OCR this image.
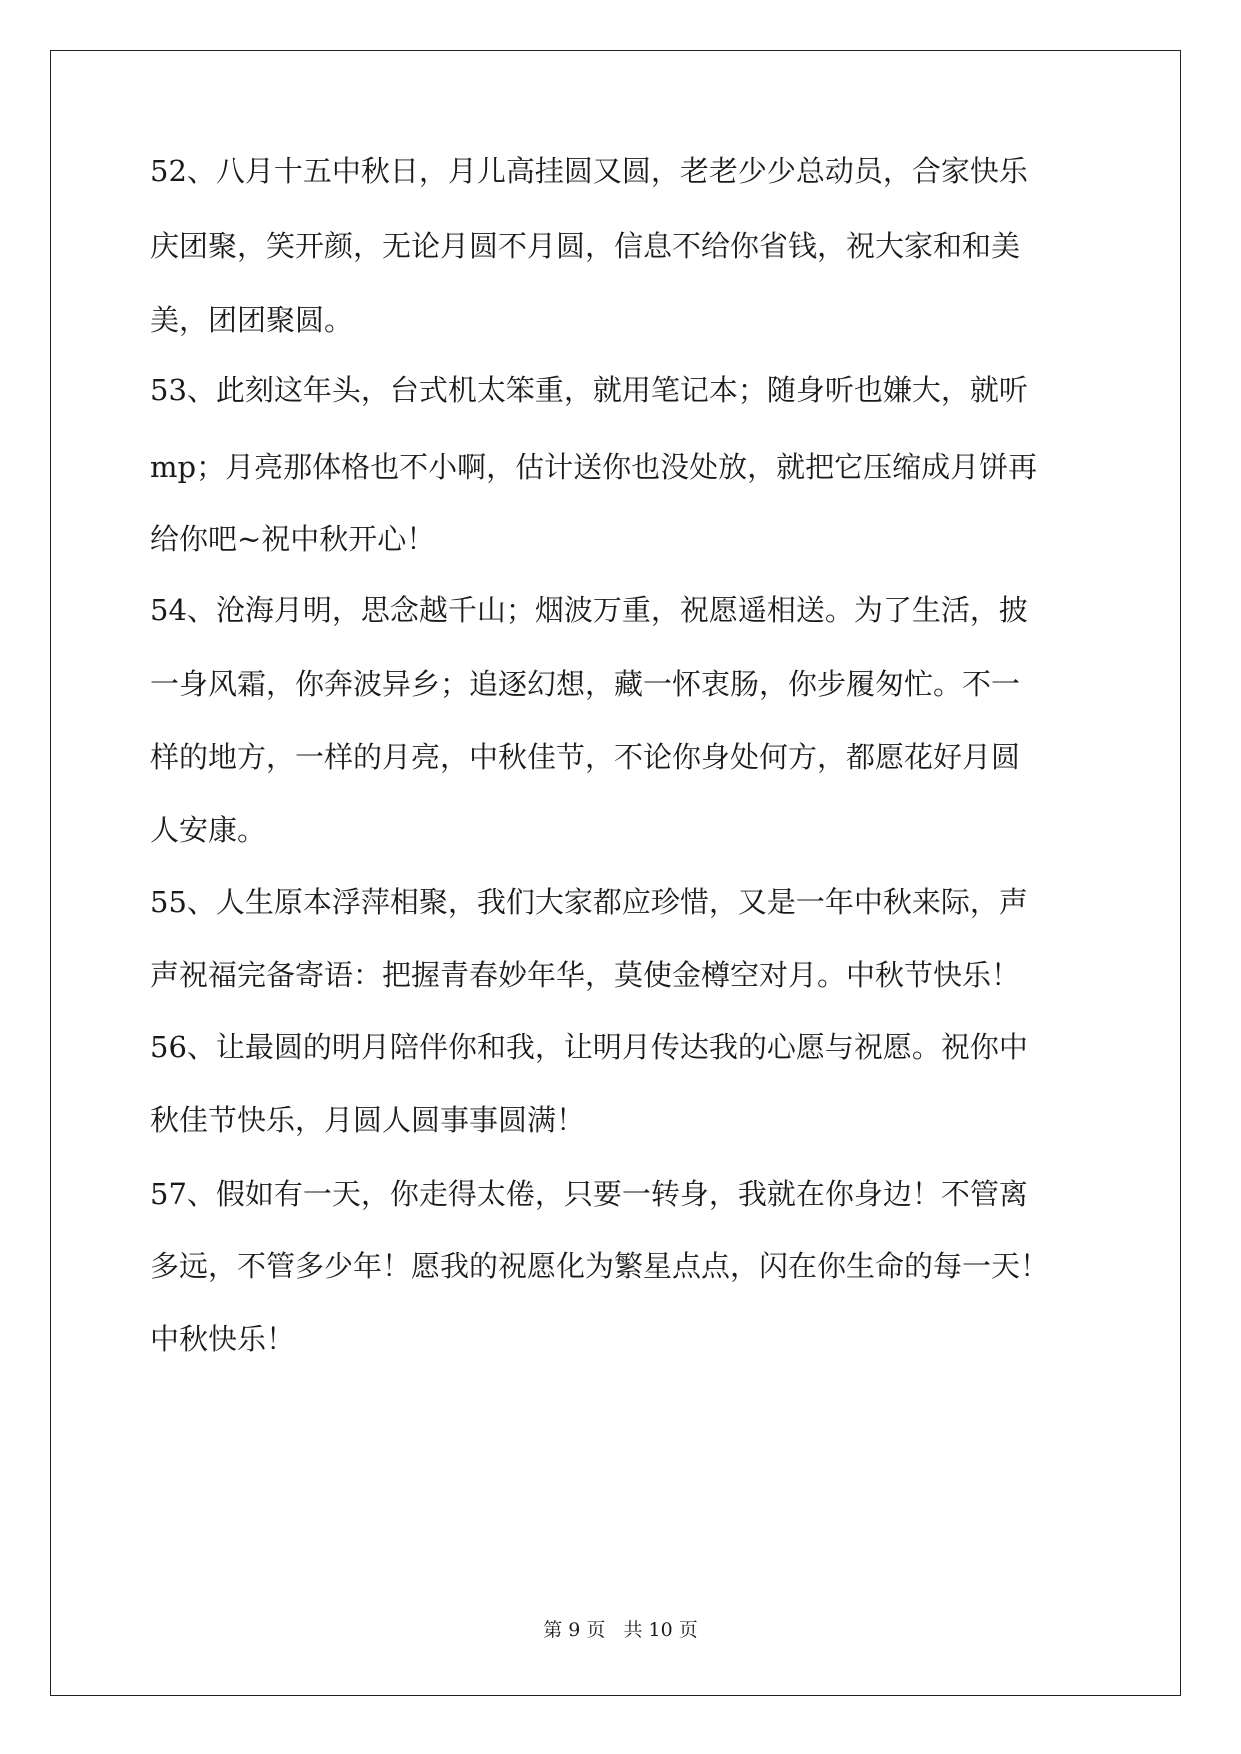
52、八月十五中秋日，月儿高挂圆又圆，老老少少总动员，合家快乐
庆团聚，笑开颜，无论月圆不月圆，信息不给你省钱，祝大家和和美
美，团团聚圆。
53、此刻这年头，台式机太笨重，就用笔记本；随身听也嫌大，就听
mp；月亮那体格也不小啊，估计送你也没处放，就把它压缩成月饼再
给你吧~祝中秋开心！
54、沧海月明，思念越千山；烟波万重，祝愿遥相送。为了生活，披
一身风霜，你奔波异乡；追逐幻想，藏一怀衷肠，你步履匆忙。不一
样的地方，一样的月亮，中秋佳节，不论你身处何方，都愿花好月圆
人安康。
55、人生原本浮萍相聚，我们大家都应珍惜，又是一年中秋来际，声
声祝福完备寄语：把握青春妙年华，莫使金樽空对月。中秋节快乐！
56、让最圆的明月陪伴你和我，让明月传达我的心愿与祝愿。祝你中
秋佳节快乐，月圆人圆事事圆满！
57、假如有一天，你走得太倦，只要一转身，我就在你身边！不管离
多远，不管多少年！愿我的祝愿化为繁星点点，闪在你生命的每一天！
中秋快乐！
第 9 页   共 10 页
